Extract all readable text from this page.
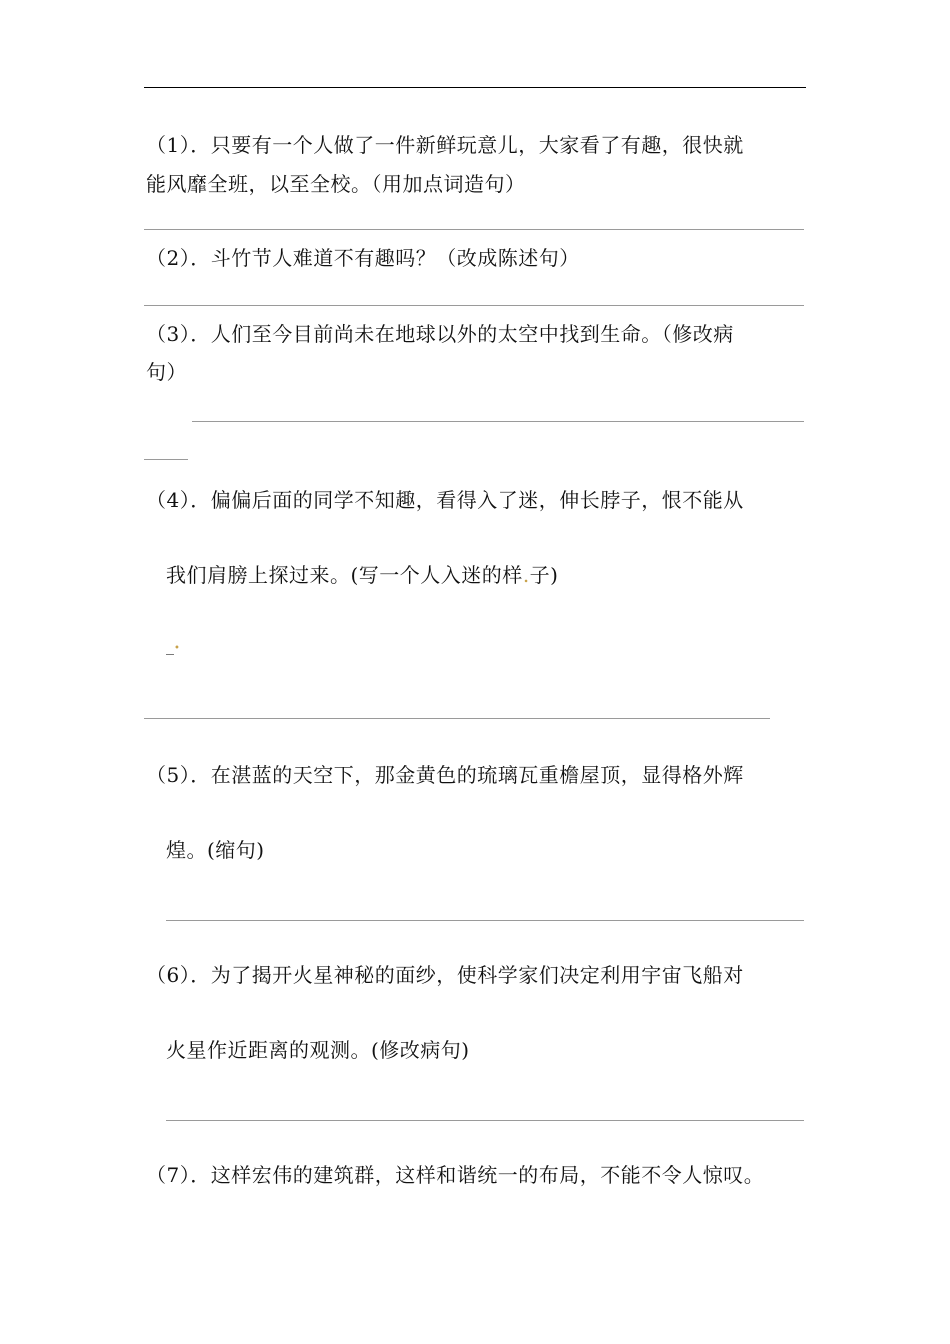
（1）．只要有一个人做了一件新鲜玩意儿，大家看了有趣，很快就
能风靡全班，以至全校。（用加点词造句）
（2）．斗竹节人难道不有趣吗？（改成陈述句）
（3）．人们至今目前尚未在地球以外的太空中找到生命。（修改病
句）
（4）．偏偏后面的同学不知趣，看得入了迷，伸长脖子，恨不能从
我们肩膀上探过来。(写一个人入迷的样.子)
_•
（5）．在湛蓝的天空下，那金黄色的琉璃瓦重檐屋顶，显得格外辉
煌。(缩句)
（6）．为了揭开火星神秘的面纱，使科学家们决定利用宇宙飞船对
火星作近距离的观测。(修改病句)
（7）．这样宏伟的建筑群，这样和谐统一的布局，不能不令人惊叹。
